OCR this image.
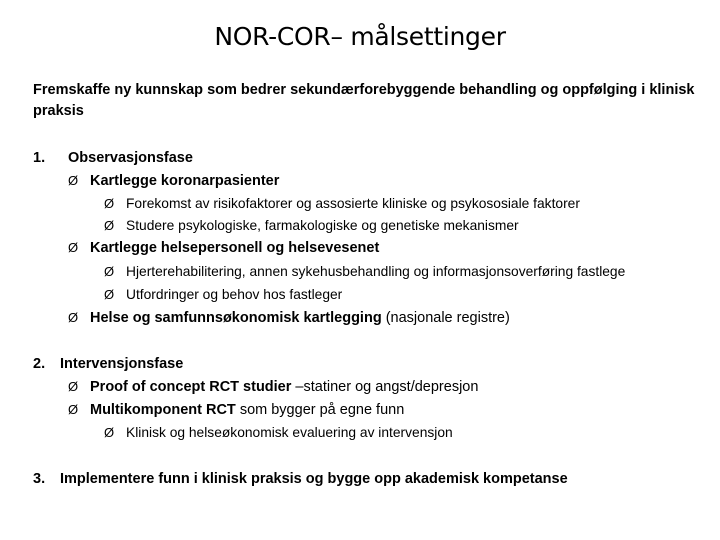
NOR-COR– målsettinger
Fremskaffe ny kunnskap som bedrer sekundærforebyggende behandling og oppfølging i klinisk praksis
1. Observasjonsfase
Ø Kartlegge koronarpasienter
Ø Forekomst av risikofaktorer og assosierte kliniske og psykososiale faktorer
Ø Studere psykologiske, farmakologiske og genetiske mekanismer
Ø Kartlegge helsepersonell og helsevesenet
Ø Hjerterehabilitering, annen sykehusbehandling og informasjonsoverføring fastlege
Ø Utfordringer og behov hos fastleger
Ø Helse og samfunnsøkonomisk kartlegging (nasjonale registre)
2. Intervensjonsfase
Ø Proof of concept RCT studier –statiner og angst/depresjon
Ø Multikomponent RCT som bygger på egne funn
Ø Klinisk og helseøkonomisk evaluering av intervensjon
3. Implementere funn i klinisk praksis og bygge opp akademisk kompetanse
